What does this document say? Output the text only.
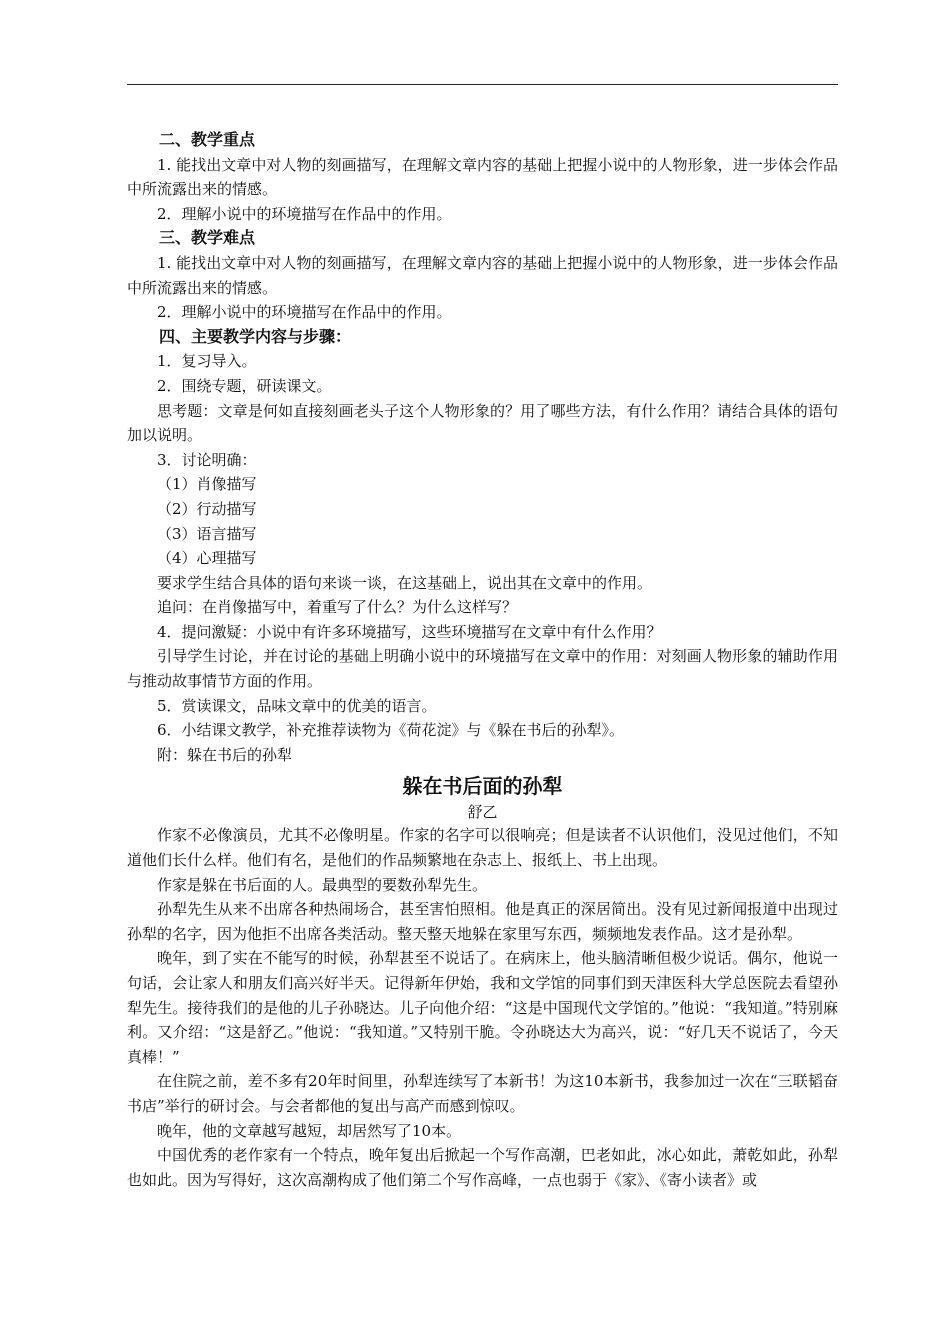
二、教学重点

1. 能找出文章中对人物的刻画描写，在理解文章内容的基础上把握小说中的人物形象，进一步体会作品中所流露出来的情感。

2．理解小说中的环境描写在作品中的作用。

三、教学难点

1. 能找出文章中对人物的刻画描写，在理解文章内容的基础上把握小说中的人物形象，进一步体会作品中所流露出来的情感。

2．理解小说中的环境描写在作品中的作用。

四、主要教学内容与步骤：

1．复习导入。

2．围绕专题，研读课文。

思考题：文章是何如直接刻画老头子这个人物形象的？用了哪些方法，有什么作用？请结合具体的语句加以说明。

3．讨论明确：

（1）肖像描写

（2）行动描写

（3）语言描写

（4）心理描写

要求学生结合具体的语句来谈一谈，在这基础上，说出其在文章中的作用。

追问：在肖像描写中，着重写了什么？为什么这样写？

4．提问激疑：小说中有许多环境描写，这些环境描写在文章中有什么作用？

引导学生讨论，并在讨论的基础上明确小说中的环境描写在文章中的作用：对刻画人物形象的辅助作用与推动故事情节方面的作用。

5．赏读课文，品味文章中的优美的语言。

6．小结课文教学，补充推荐读物为《荷花淀》与《躲在书后的孙犁》。

附：躲在书后的孙犁

躲在书后面的孙犁

舒乙

作家不必像演员，尤其不必像明星。作家的名字可以很响亮；但是读者不认识他们，没见过他们，不知道他们长什么样。他们有名，是他们的作品频繁地在杂志上、报纸上、书上出现。

作家是躲在书后面的人。最典型的要数孙犁先生。

孙犁先生从来不出席各种热闹场合，甚至害怕照相。他是真正的深居简出。没有见过新闻报道中出现过孙犁的名字，因为他拒不出席各类活动。整天整天地躲在家里写东西，频频地发表作品。这才是孙犁。

晚年，到了实在不能写的时候，孙犁甚至不说话了。在病床上，他头脑清晰但极少说话。偶尔，他说一句话，会让家人和朋友们高兴好半天。记得新年伊始，我和文学馆的同事们到天津医科大学总医院去看望孙犁先生。接待我们的是他的儿子孙晓达。儿子向他介绍：“这是中国现代文学馆的。”他说：“我知道。”特别麻利。又介绍：“这是舒乙。”他说：“我知道。”又特别干脆。令孙晓达大为高兴，说：“好几天不说话了，今天真棒！”

在住院之前，差不多有20年时间里，孙犁连续写了本新书！为这10本新书，我参加过一次在“三联韬奋书店”举行的研讨会。与会者都他的复出与高产而感到惊叹。

晚年，他的文章越写越短，却居然写了10本。

中国优秀的老作家有一个特点，晚年复出后掀起一个写作高潮，巴老如此，冰心如此，萧乾如此，孙犁也如此。因为写得好，这次高潮构成了他们第二个写作高峰，一点也弱于《家》、《寄小读者》或
